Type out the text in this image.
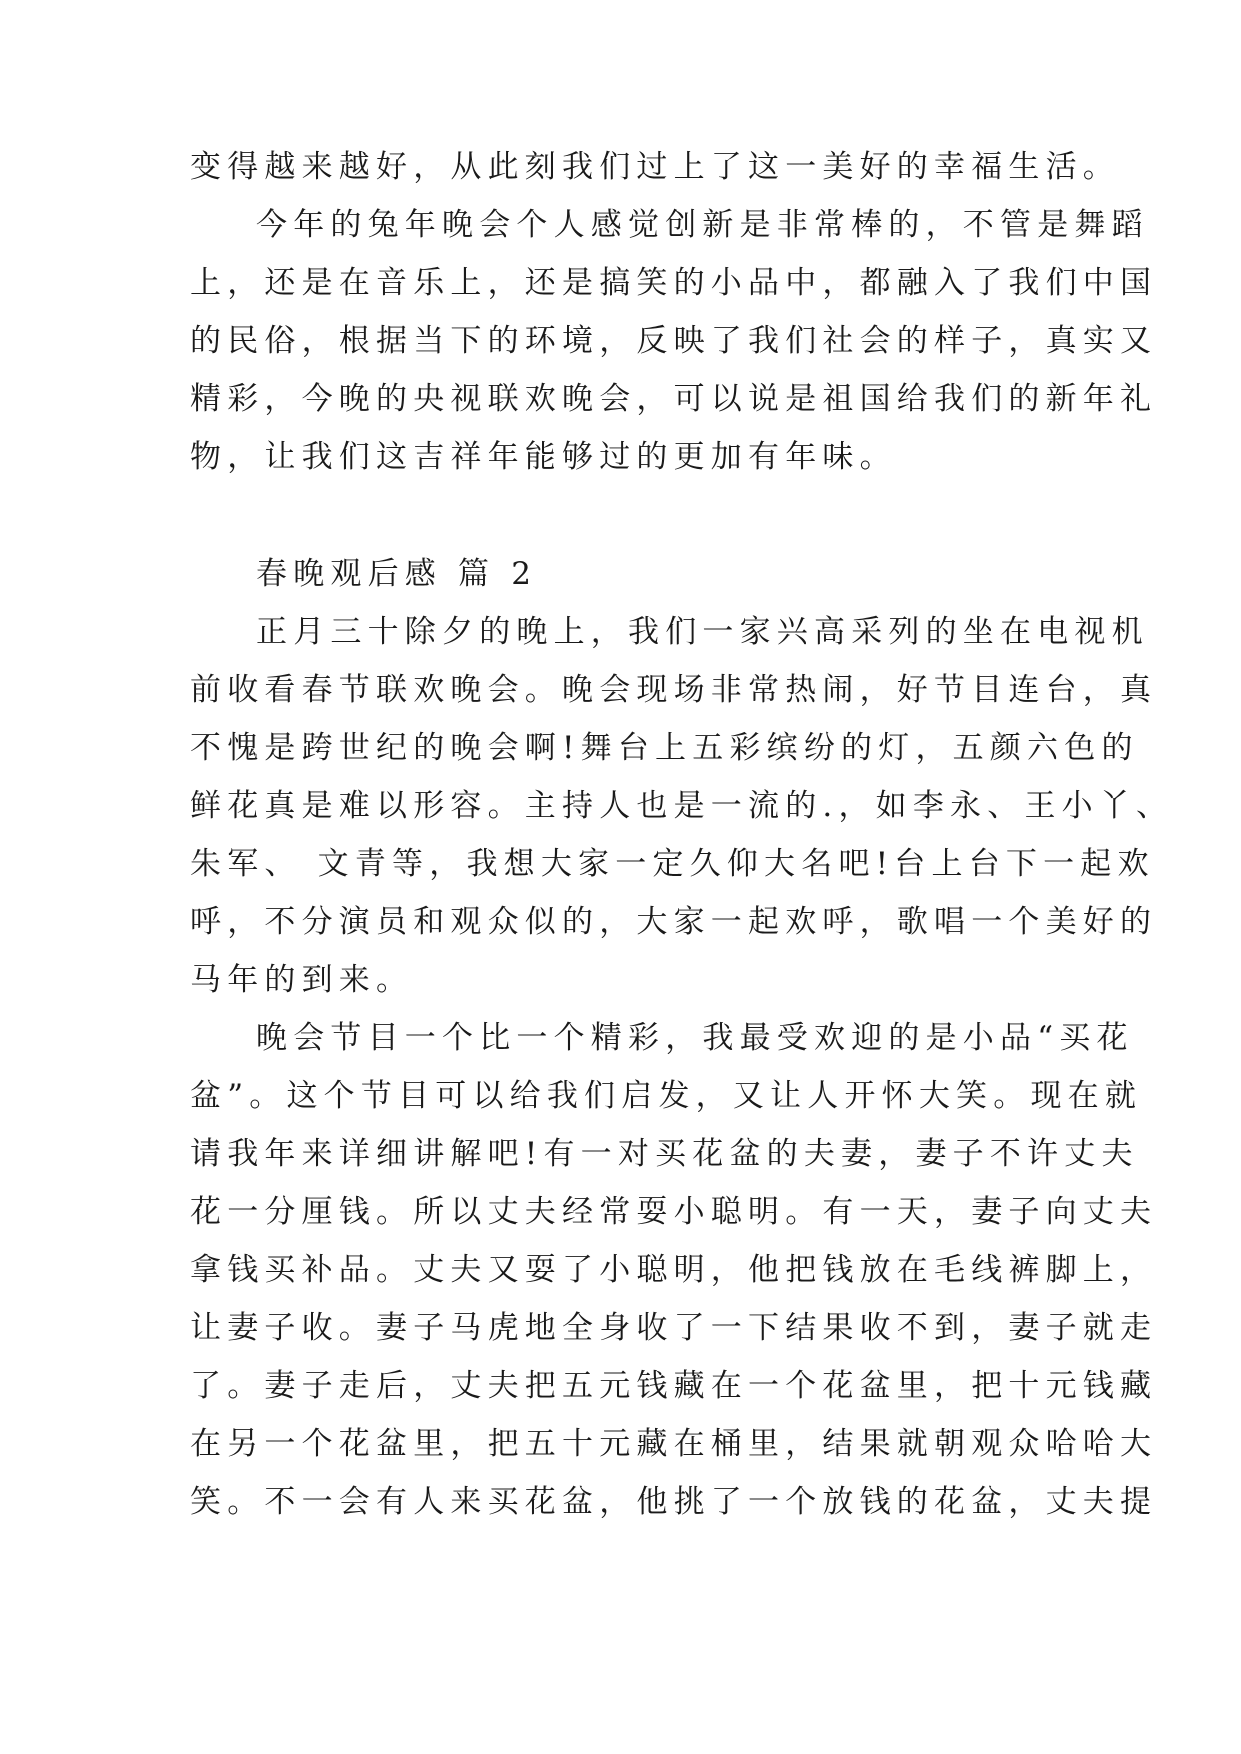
变得越来越好，从此刻我们过上了这一美好的幸福生活。
今年的兔年晚会个人感觉创新是非常棒的，不管是舞蹈
上，还是在音乐上，还是搞笑的小品中，都融入了我们中国
的民俗，根据当下的环境，反映了我们社会的样子，真实又
精彩，今晚的央视联欢晚会，可以说是祖国给我们的新年礼
物，让我们这吉祥年能够过的更加有年味。
春晚观后感 篇 2
正月三十除夕的晚上，我们一家兴高采列的坐在电视机
前收看春节联欢晚会。晚会现场非常热闹，好节目连台，真
不愧是跨世纪的晚会啊!舞台上五彩缤纷的灯，五颜六色的
鲜花真是难以形容。主持人也是一流的.，如李永、王小丫、
朱军、 文青等，我想大家一定久仰大名吧!台上台下一起欢
呼，不分演员和观众似的，大家一起欢呼，歌唱一个美好的
马年的到来。
晚会节目一个比一个精彩，我最受欢迎的是小品“买花
盆”。这个节目可以给我们启发，又让人开怀大笑。现在就
请我年来详细讲解吧!有一对买花盆的夫妻，妻子不许丈夫
花一分厘钱。所以丈夫经常耍小聪明。有一天，妻子向丈夫
拿钱买补品。丈夫又耍了小聪明，他把钱放在毛线裤脚上，
让妻子收。妻子马虎地全身收了一下结果收不到，妻子就走
了。妻子走后，丈夫把五元钱藏在一个花盆里，把十元钱藏
在另一个花盆里，把五十元藏在桶里，结果就朝观众哈哈大
笑。不一会有人来买花盆，他挑了一个放钱的花盆，丈夫提
